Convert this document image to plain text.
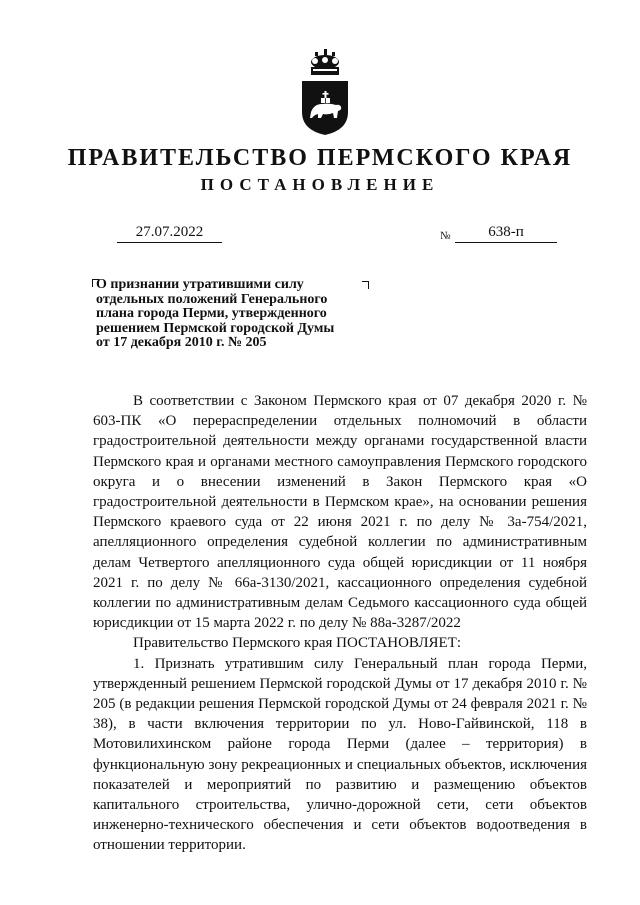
ПРАВИТЕЛЬСТВО ПЕРМСКОГО КРАЯ
ПОСТАНОВЛЕНИЕ
27.07.2022	№	638-п
О признании утратившими силу
отдельных положений Генерального
плана города Перми, утвержденного
решением Пермской городской Думы
от 17 декабря 2010 г. № 205

В соответствии с Законом Пермского края от 07 декабря 2020 г. № 603-ПК «О перераспределении отдельных полномочий в области градостроительной деятельности между органами государственной власти Пермского края и органами местного самоуправления Пермского городского округа и о внесении изменений в Закон Пермского края «О градостроительной деятельности в Пермском крае», на основании решения Пермского краевого суда от 22 июня 2021 г. по делу № 3а-754/2021, апелляционного определения судебной коллегии по административным делам Четвертого апелляционного суда общей юрисдикции от 11 ноября 2021 г. по делу № 66а-3130/2021, кассационного определения судебной коллегии по административным делам Седьмого кассационного суда общей юрисдикции от 15 марта 2022 г. по делу № 88а-3287/2022

Правительство Пермского края ПОСТАНОВЛЯЕТ:

1. Признать утратившим силу Генеральный план города Перми, утвержденный решением Пермской городской Думы от 17 декабря 2010 г. № 205 (в редакции решения Пермской городской Думы от 24 февраля 2021 г. № 38), в части включения территории по ул. Ново-Гайвинской, 118 в Мотовилихинском районе города Перми (далее – территория) в функциональную зону рекреационных и специальных объектов, исключения показателей и мероприятий по развитию и размещению объектов капитального строительства, улично-дорожной сети, сети объектов инженерно-технического обеспечения и сети объектов водоотведения в отношении территории.
